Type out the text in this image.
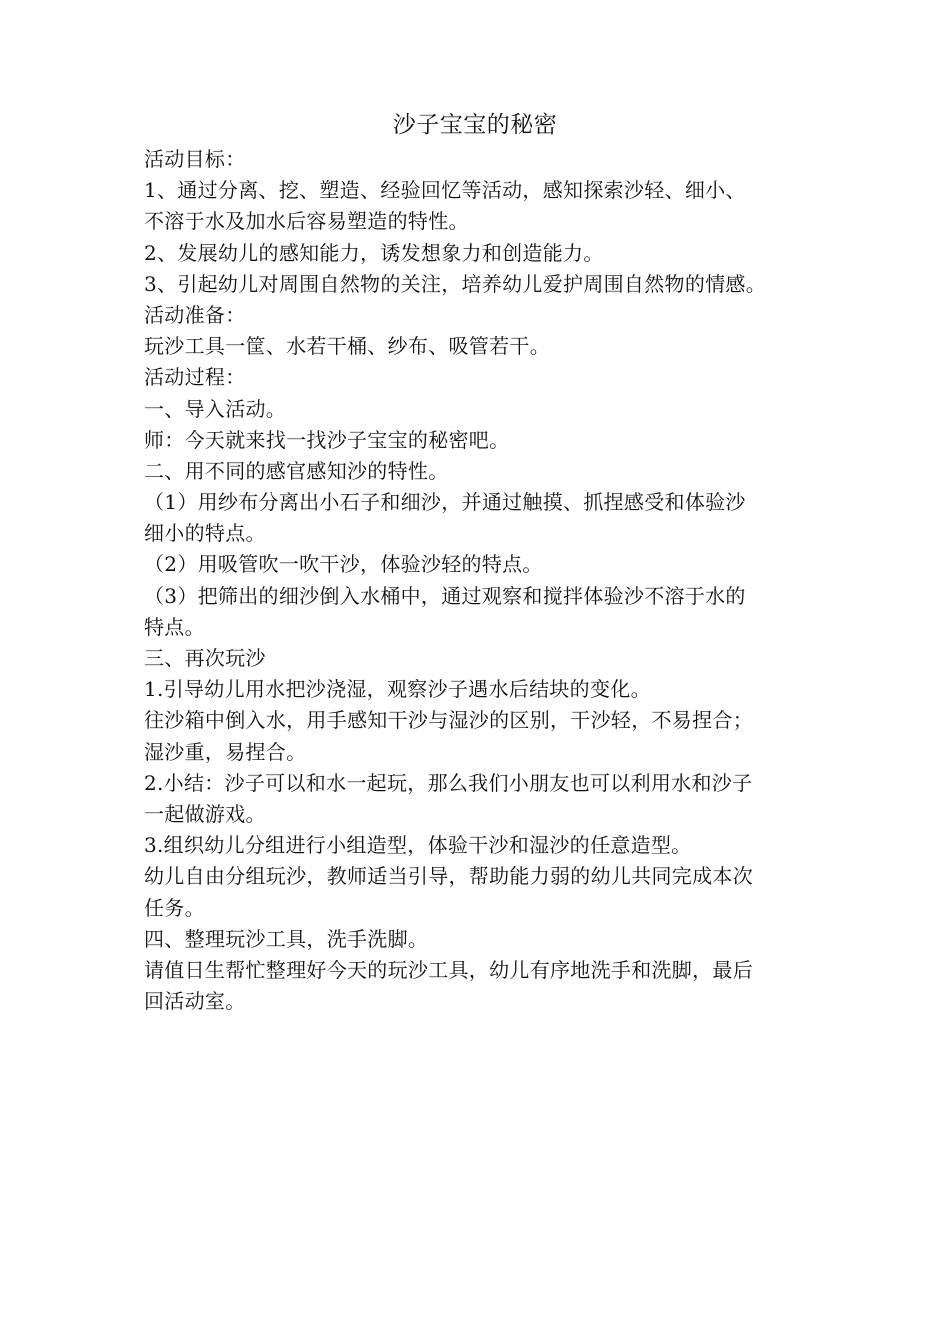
沙子宝宝的秘密
活动目标：
1、通过分离、挖、塑造、经验回忆等活动，感知探索沙轻、细小、
不溶于水及加水后容易塑造的特性。
2、发展幼儿的感知能力，诱发想象力和创造能力。
3、引起幼儿对周围自然物的关注，培养幼儿爱护周围自然物的情感。
活动准备：
玩沙工具一筐、水若干桶、纱布、吸管若干。
活动过程：
一、导入活动。
师：今天就来找一找沙子宝宝的秘密吧。
二、用不同的感官感知沙的特性。
（1）用纱布分离出小石子和细沙，并通过触摸、抓捏感受和体验沙
细小的特点。
（2）用吸管吹一吹干沙，体验沙轻的特点。
（3）把筛出的细沙倒入水桶中，通过观察和搅拌体验沙不溶于水的
特点。
三、再次玩沙
1.引导幼儿用水把沙浇湿，观察沙子遇水后结块的变化。
往沙箱中倒入水，用手感知干沙与湿沙的区别，干沙轻，不易捏合；
湿沙重，易捏合。
2.小结：沙子可以和水一起玩，那么我们小朋友也可以利用水和沙子
一起做游戏。
3.组织幼儿分组进行小组造型，体验干沙和湿沙的任意造型。
幼儿自由分组玩沙，教师适当引导，帮助能力弱的幼儿共同完成本次
任务。
四、整理玩沙工具，洗手洗脚。
请值日生帮忙整理好今天的玩沙工具，幼儿有序地洗手和洗脚，最后
回活动室。
